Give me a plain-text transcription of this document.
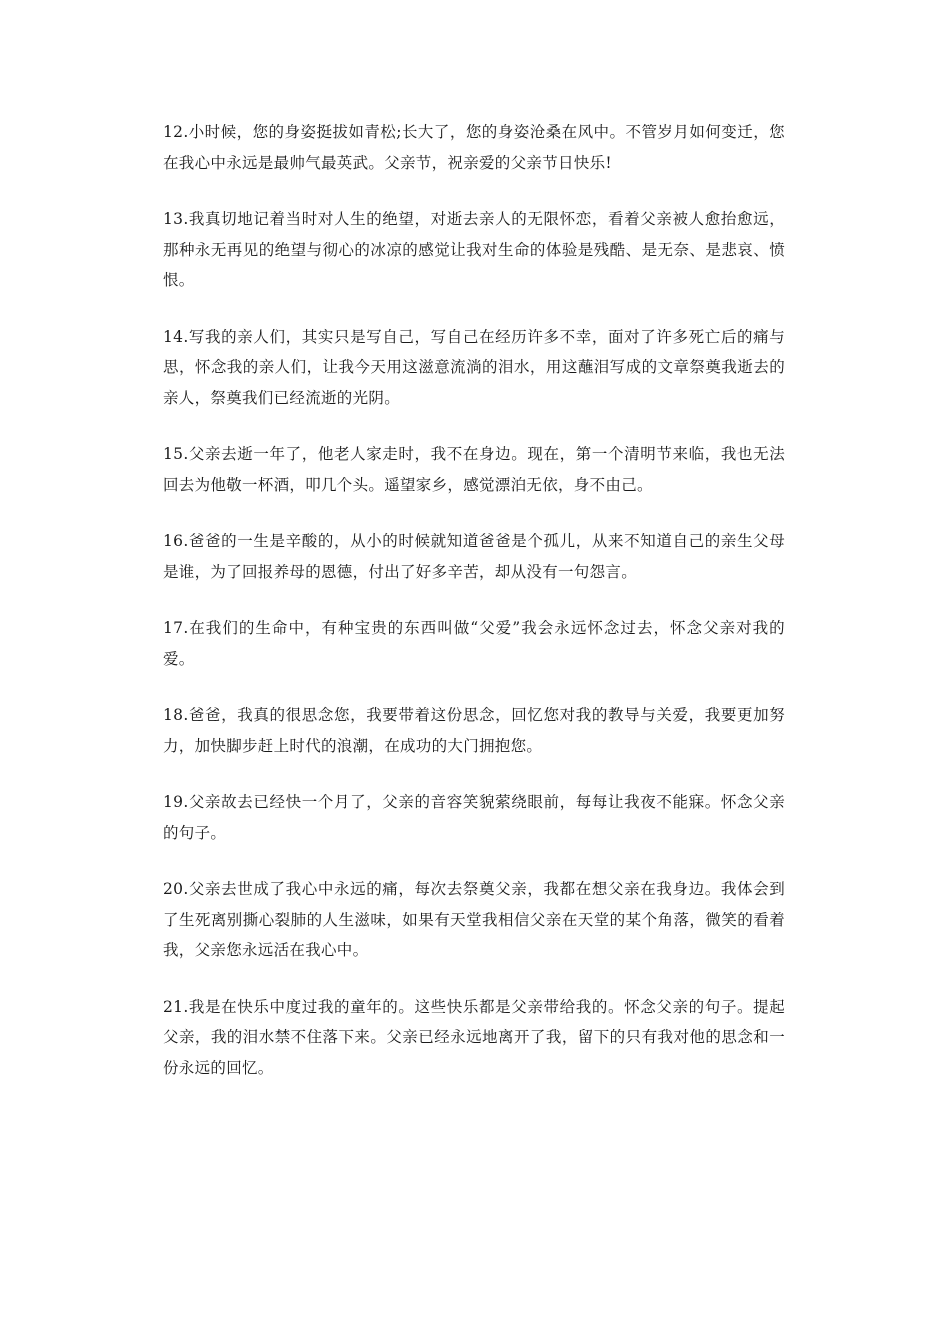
12.小时候，您的身姿挺拔如青松;长大了，您的身姿沧桑在风中。不管岁月如何变迁，您在我心中永远是最帅气最英武。父亲节，祝亲爱的父亲节日快乐!

13.我真切地记着当时对人生的绝望，对逝去亲人的无限怀恋，看着父亲被人愈抬愈远，那种永无再见的绝望与彻心的冰凉的感觉让我对生命的体验是残酷、是无奈、是悲哀、愤恨。

14.写我的亲人们，其实只是写自己，写自己在经历许多不幸，面对了许多死亡后的痛与思，怀念我的亲人们，让我今天用这滋意流淌的泪水，用这蘸泪写成的文章祭奠我逝去的亲人，祭奠我们已经流逝的光阴。

15.父亲去逝一年了，他老人家走时，我不在身边。现在，第一个清明节来临，我也无法回去为他敬一杯酒，叩几个头。遥望家乡，感觉漂泊无依，身不由己。

16.爸爸的一生是辛酸的，从小的时候就知道爸爸是个孤儿，从来不知道自己的亲生父母是谁，为了回报养母的恩德，付出了好多辛苦，却从没有一句怨言。

17.在我们的生命中，有种宝贵的东西叫做“父爱”我会永远怀念过去，怀念父亲对我的爱。

18.爸爸，我真的很思念您，我要带着这份思念，回忆您对我的教导与关爱，我要更加努力，加快脚步赶上时代的浪潮，在成功的大门拥抱您。

19.父亲故去已经快一个月了，父亲的音容笑貌萦绕眼前，每每让我夜不能寐。怀念父亲的句子。

20.父亲去世成了我心中永远的痛，每次去祭奠父亲，我都在想父亲在我身边。我体会到了生死离别撕心裂肺的人生滋味，如果有天堂我相信父亲在天堂的某个角落，微笑的看着我，父亲您永远活在我心中。

21.我是在快乐中度过我的童年的。这些快乐都是父亲带给我的。怀念父亲的句子。提起父亲，我的泪水禁不住落下来。父亲已经永远地离开了我，留下的只有我对他的思念和一份永远的回忆。
